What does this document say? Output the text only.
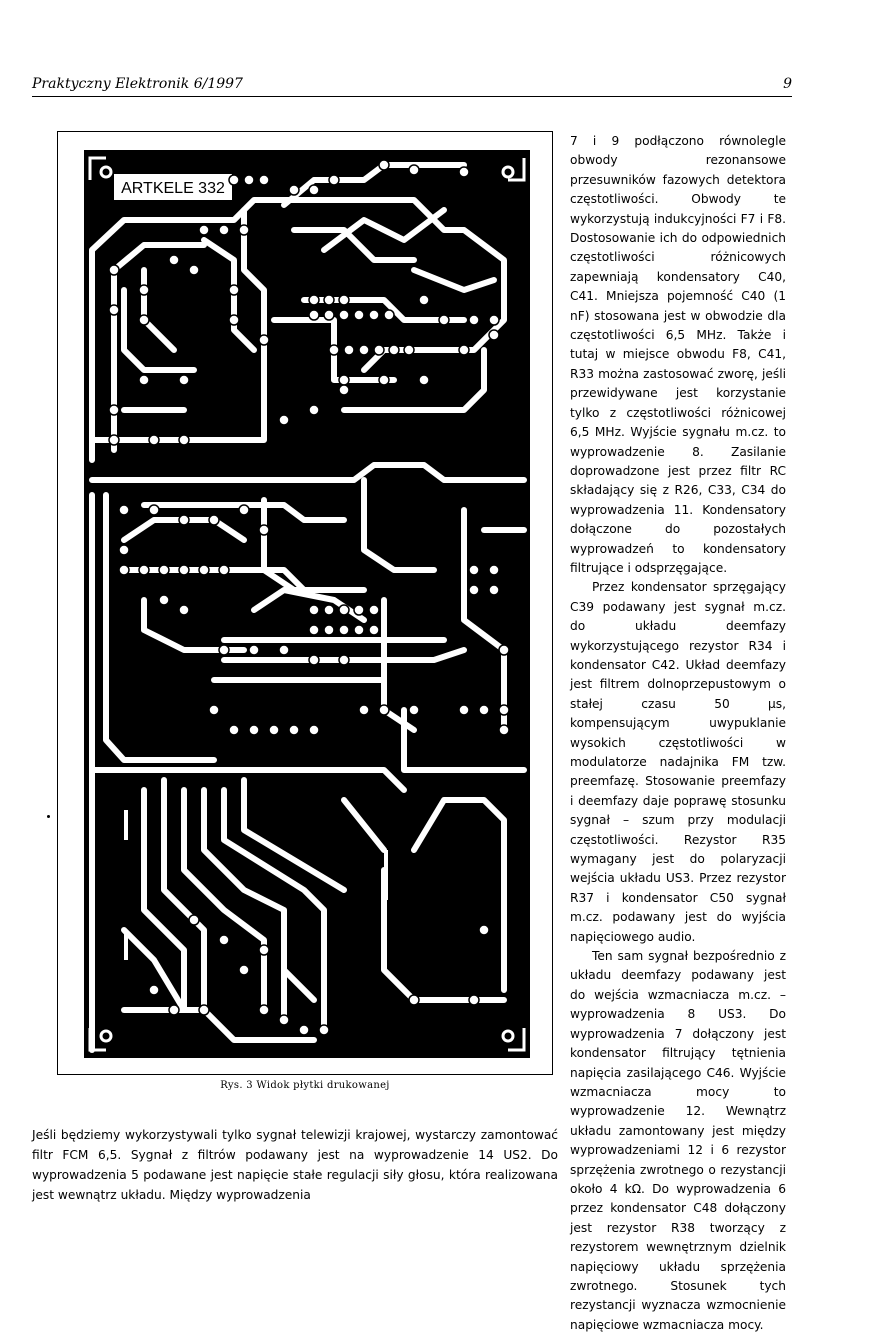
Praktyczny Elektronik 6/1997	9
ARTKELE 332
Rys. 3 Widok płytki drukowanej
Jeśli będziemy wykorzystywali tylko sygnał telewizji krajowej, wystarczy zamontować filtr FCM 6,5. Sygnał z filtrów podawany jest na wyprowadzenie 14 US2. Do wyprowadzenia 5 podawane jest napięcie stałe regulacji siły głosu, która realizowana jest wewnątrz układu. Między wyprowadzenia

7 i 9 podłączono równolegle obwody rezonansowe przesuwników fazowych detektora częstotliwości. Obwody te wykorzystują indukcyjności F7 i F8. Dostosowanie ich do odpowiednich częstotliwości różnicowych zapewniają kondensatory C40, C41. Mniejsza pojemność C40 (1 nF) stosowana jest w obwodzie dla częstotliwości 6,5 MHz. Także i tutaj w miejsce obwodu F8, C41, R33 można zastosować zworę, jeśli przewidywane jest korzystanie tylko z częstotliwości różnicowej 6,5 MHz. Wyjście sygnału m.cz. to wyprowadzenie 8. Zasilanie doprowadzone jest przez filtr RC składający się z R26, C33, C34 do wyprowadzenia 11. Kondensatory dołączone do pozostałych wyprowadzeń to kondensatory filtrujące i odsprzęgające.

Przez kondensator sprzęgający C39 podawany jest sygnał m.cz. do układu deemfazy wykorzystującego rezystor R34 i kondensator C42. Układ deemfazy jest filtrem dolnoprzepustowym o stałej czasu 50 μs, kompensującym uwypuklanie wysokich częstotliwości w modulatorze nadajnika FM tzw. preemfazę. Stosowanie preemfazy i deemfazy daje poprawę stosunku sygnał – szum przy modulacji częstotliwości. Rezystor R35 wymagany jest do polaryzacji wejścia układu US3. Przez rezystor R37 i kondensator C50 sygnał m.cz. podawany jest do wyjścia napięciowego audio.

Ten sam sygnał bezpośrednio z układu deemfazy podawany jest do wejścia wzmacniacza m.cz. – wyprowadzenia 8 US3. Do wyprowadzenia 7 dołączony jest kondensator filtrujący tętnienia napięcia zasilającego C46. Wyjście wzmacniacza mocy to wyprowadzenie 12. Wewnątrz układu zamontowany jest między wyprowadzeniami 12 i 6 rezystor sprzężenia zwrotnego o rezystancji około 4 kΩ. Do wyprowadzenia 6 przez kondensator C48 dołączony jest rezystor R38 tworzący z rezystorem wewnętrznym dzielnik napięciowy układu sprzężenia zwrotnego. Stosunek tych rezystancji wyznacza wzmocnienie napięciowe wzmacniacza mocy.
